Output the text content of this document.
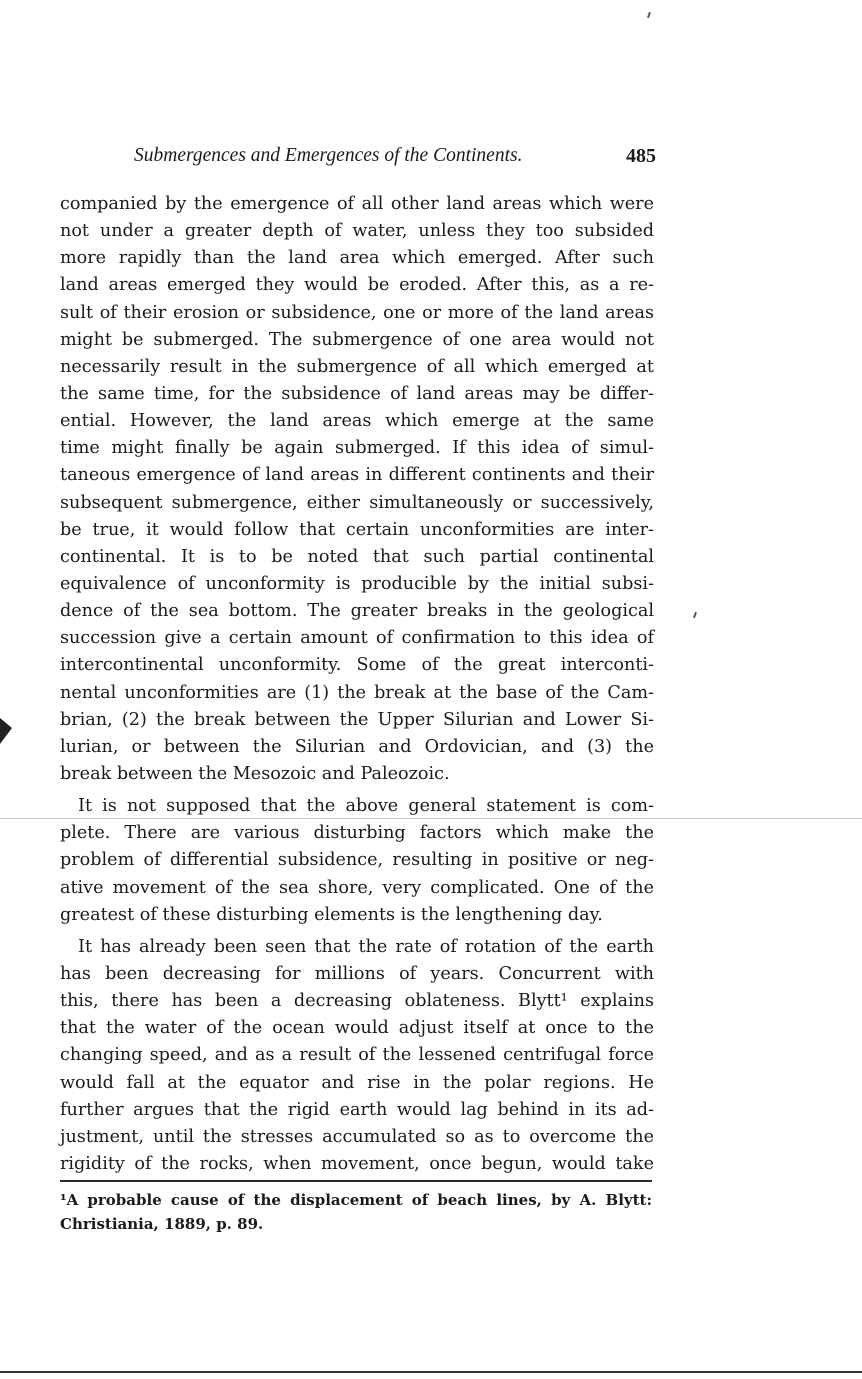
Submergences and Emergences of the Continents.	485
companied by the emergence of all other land areas which were
not under a greater depth of water, unless they too subsided
more rapidly than the land area which emerged. After such
land areas emerged they would be eroded. After this, as a re-
sult of their erosion or subsidence, one or more of the land areas
might be submerged. The submergence of one area would not
necessarily result in the submergence of all which emerged at
the same time, for the subsidence of land areas may be differ-
ential. However, the land areas which emerge at the same
time might finally be again submerged. If this idea of simul-
taneous emergence of land areas in different continents and their
subsequent submergence, either simultaneously or successively,
be true, it would follow that certain unconformities are inter-
continental. It is to be noted that such partial continental
equivalence of unconformity is producible by the initial subsi-
dence of the sea bottom. The greater breaks in the geological
succession give a certain amount of confirmation to this idea of
intercontinental unconformity. Some of the great interconti-
nental unconformities are (1) the break at the base of the Cam-
brian, (2) the break between the Upper Silurian and Lower Si-
lurian, or between the Silurian and Ordovician, and (3) the
break between the Mesozoic and Paleozoic.
It is not supposed that the above general statement is com-
plete. There are various disturbing factors which make the
problem of differential subsidence, resulting in positive or neg-
ative movement of the sea shore, very complicated. One of the
greatest of these disturbing elements is the lengthening day.
It has already been seen that the rate of rotation of the earth
has been decreasing for millions of years. Concurrent with
this, there has been a decreasing oblateness. Blytt¹ explains
that the water of the ocean would adjust itself at once to the
changing speed, and as a result of the lessened centrifugal force
would fall at the equator and rise in the polar regions. He
further argues that the rigid earth would lag behind in its ad-
justment, until the stresses accumulated so as to overcome the
rigidity of the rocks, when movement, once begun, would take
¹A probable cause of the displacement of beach lines, by A. Blytt:
Christiania, 1889, p. 89.
